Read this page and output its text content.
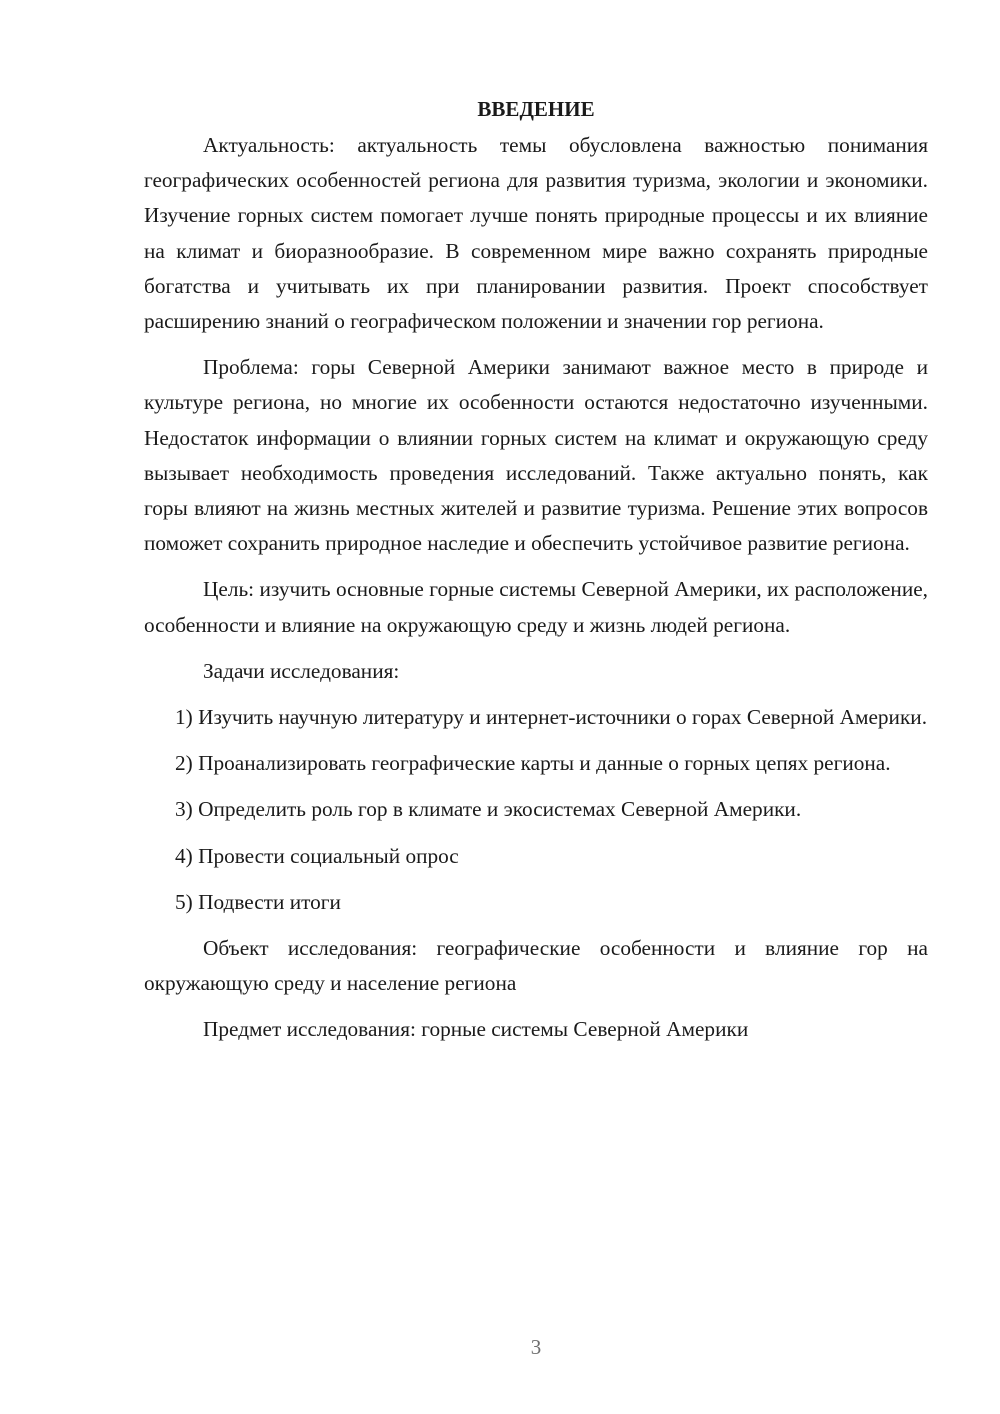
ВВЕДЕНИЕ

Актуальность: актуальность темы обусловлена важностью понимания географических особенностей региона для развития туризма, экологии и экономики. Изучение горных систем помогает лучше понять природные процессы и их влияние на климат и биоразнообразие. В современном мире важно сохранять природные богатства и учитывать их при планировании развития. Проект способствует расширению знаний о географическом положении и значении гор региона.

Проблема: горы Северной Америки занимают важное место в природе и культуре региона, но многие их особенности остаются недостаточно изученными. Недостаток информации о влиянии горных систем на климат и окружающую среду вызывает необходимость проведения исследований. Также актуально понять, как горы влияют на жизнь местных жителей и развитие туризма. Решение этих вопросов поможет сохранить природное наследие и обеспечить устойчивое развитие региона.

Цель: изучить основные горные системы Северной Америки, их расположение, особенности и влияние на окружающую среду и жизнь людей региона.

Задачи исследования:

1) Изучить научную литературу и интернет-источники о горах Северной Америки.

2) Проанализировать географические карты и данные о горных цепях региона.

3) Определить роль гор в климате и экосистемах Северной Америки.

4) Провести социальный опрос

5) Подвести итоги

Объект исследования: географические особенности и влияние гор на окружающую среду и население региона

Предмет исследования: горные системы Северной Америки

3
